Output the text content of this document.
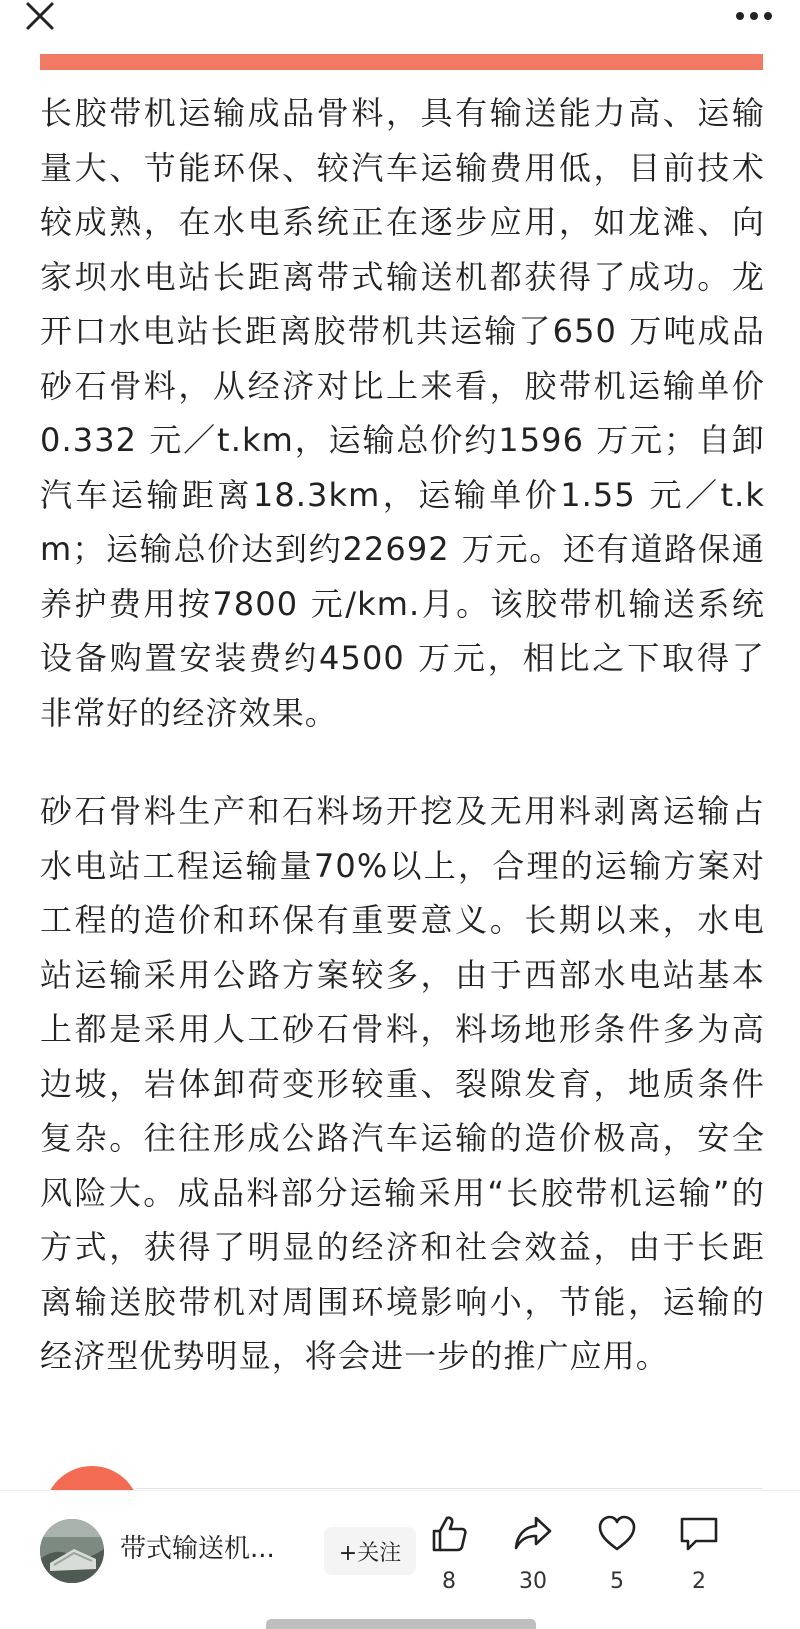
长胶带机运输成品骨料，具有输送能力高、运输量大、节能环保、较汽车运输费用低，目前技术较成熟，在水电系统正在逐步应用，如龙滩、向家坝水电站长距离带式输送机都获得了成功。龙开口水电站长距离胶带机共运输了650 万吨成品砂石骨料，从经济对比上来看，胶带机运输单价0.332 元／t.km，运输总价约1596 万元；自卸汽车运输距离18.3km，运输单价1.55 元／t.km；运输总价达到约22692 万元。还有道路保通养护费用按7800 元/km.月。该胶带机输送系统设备购置安装费约4500 万元，相比之下取得了非常好的经济效果。

砂石骨料生产和石料场开挖及无用料剥离运输占水电站工程运输量70%以上，合理的运输方案对工程的造价和环保有重要意义。长期以来，水电站运输采用公路方案较多，由于西部水电站基本上都是采用人工砂石骨料，料场地形条件多为高边坡，岩体卸荷变形较重、裂隙发育，地质条件复杂。往往形成公路汽车运输的造价极高，安全风险大。成品料部分运输采用“长胶带机运输”的方式，获得了明显的经济和社会效益，由于长距离输送胶带机对周围环境影响小，节能，运输的经济型优势明显，将会进一步的推广应用。

带式输送机...	+关注
8	30	5	2
